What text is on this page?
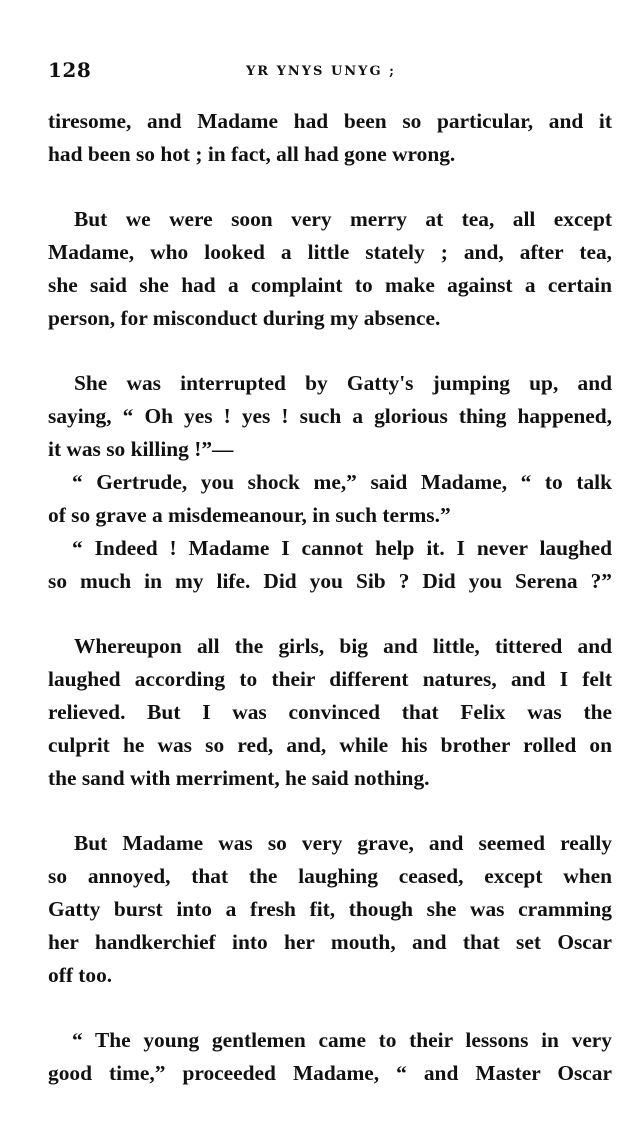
128	YR YNYS UNYG ;
tiresome, and Madame had been so particular, and it
had been so hot ; in fact, all had gone wrong.
But we were soon very merry at tea, all except
Madame, who looked a little stately ; and, after tea,
she said she had a complaint to make against a certain
person, for misconduct during my absence.
She was interrupted by Gatty's jumping up, and
saying, “ Oh yes ! yes ! such a glorious thing happened,
it was so killing !”—
“ Gertrude, you shock me,” said Madame, “ to talk
of so grave a misdemeanour, in such terms.”
“ Indeed ! Madame I cannot help it. I never laughed
so much in my life. Did you Sib ? Did you Serena ?”
Whereupon all the girls, big and little, tittered and
laughed according to their different natures, and I felt
relieved. But I was convinced that Felix was the
culprit he was so red, and, while his brother rolled on
the sand with merriment, he said nothing.
But Madame was so very grave, and seemed really
so annoyed, that the laughing ceased, except when
Gatty burst into a fresh fit, though she was cramming
her handkerchief into her mouth, and that set Oscar
off too.
“ The young gentlemen came to their lessons in very
good time,” proceeded Madame, “ and Master Oscar
